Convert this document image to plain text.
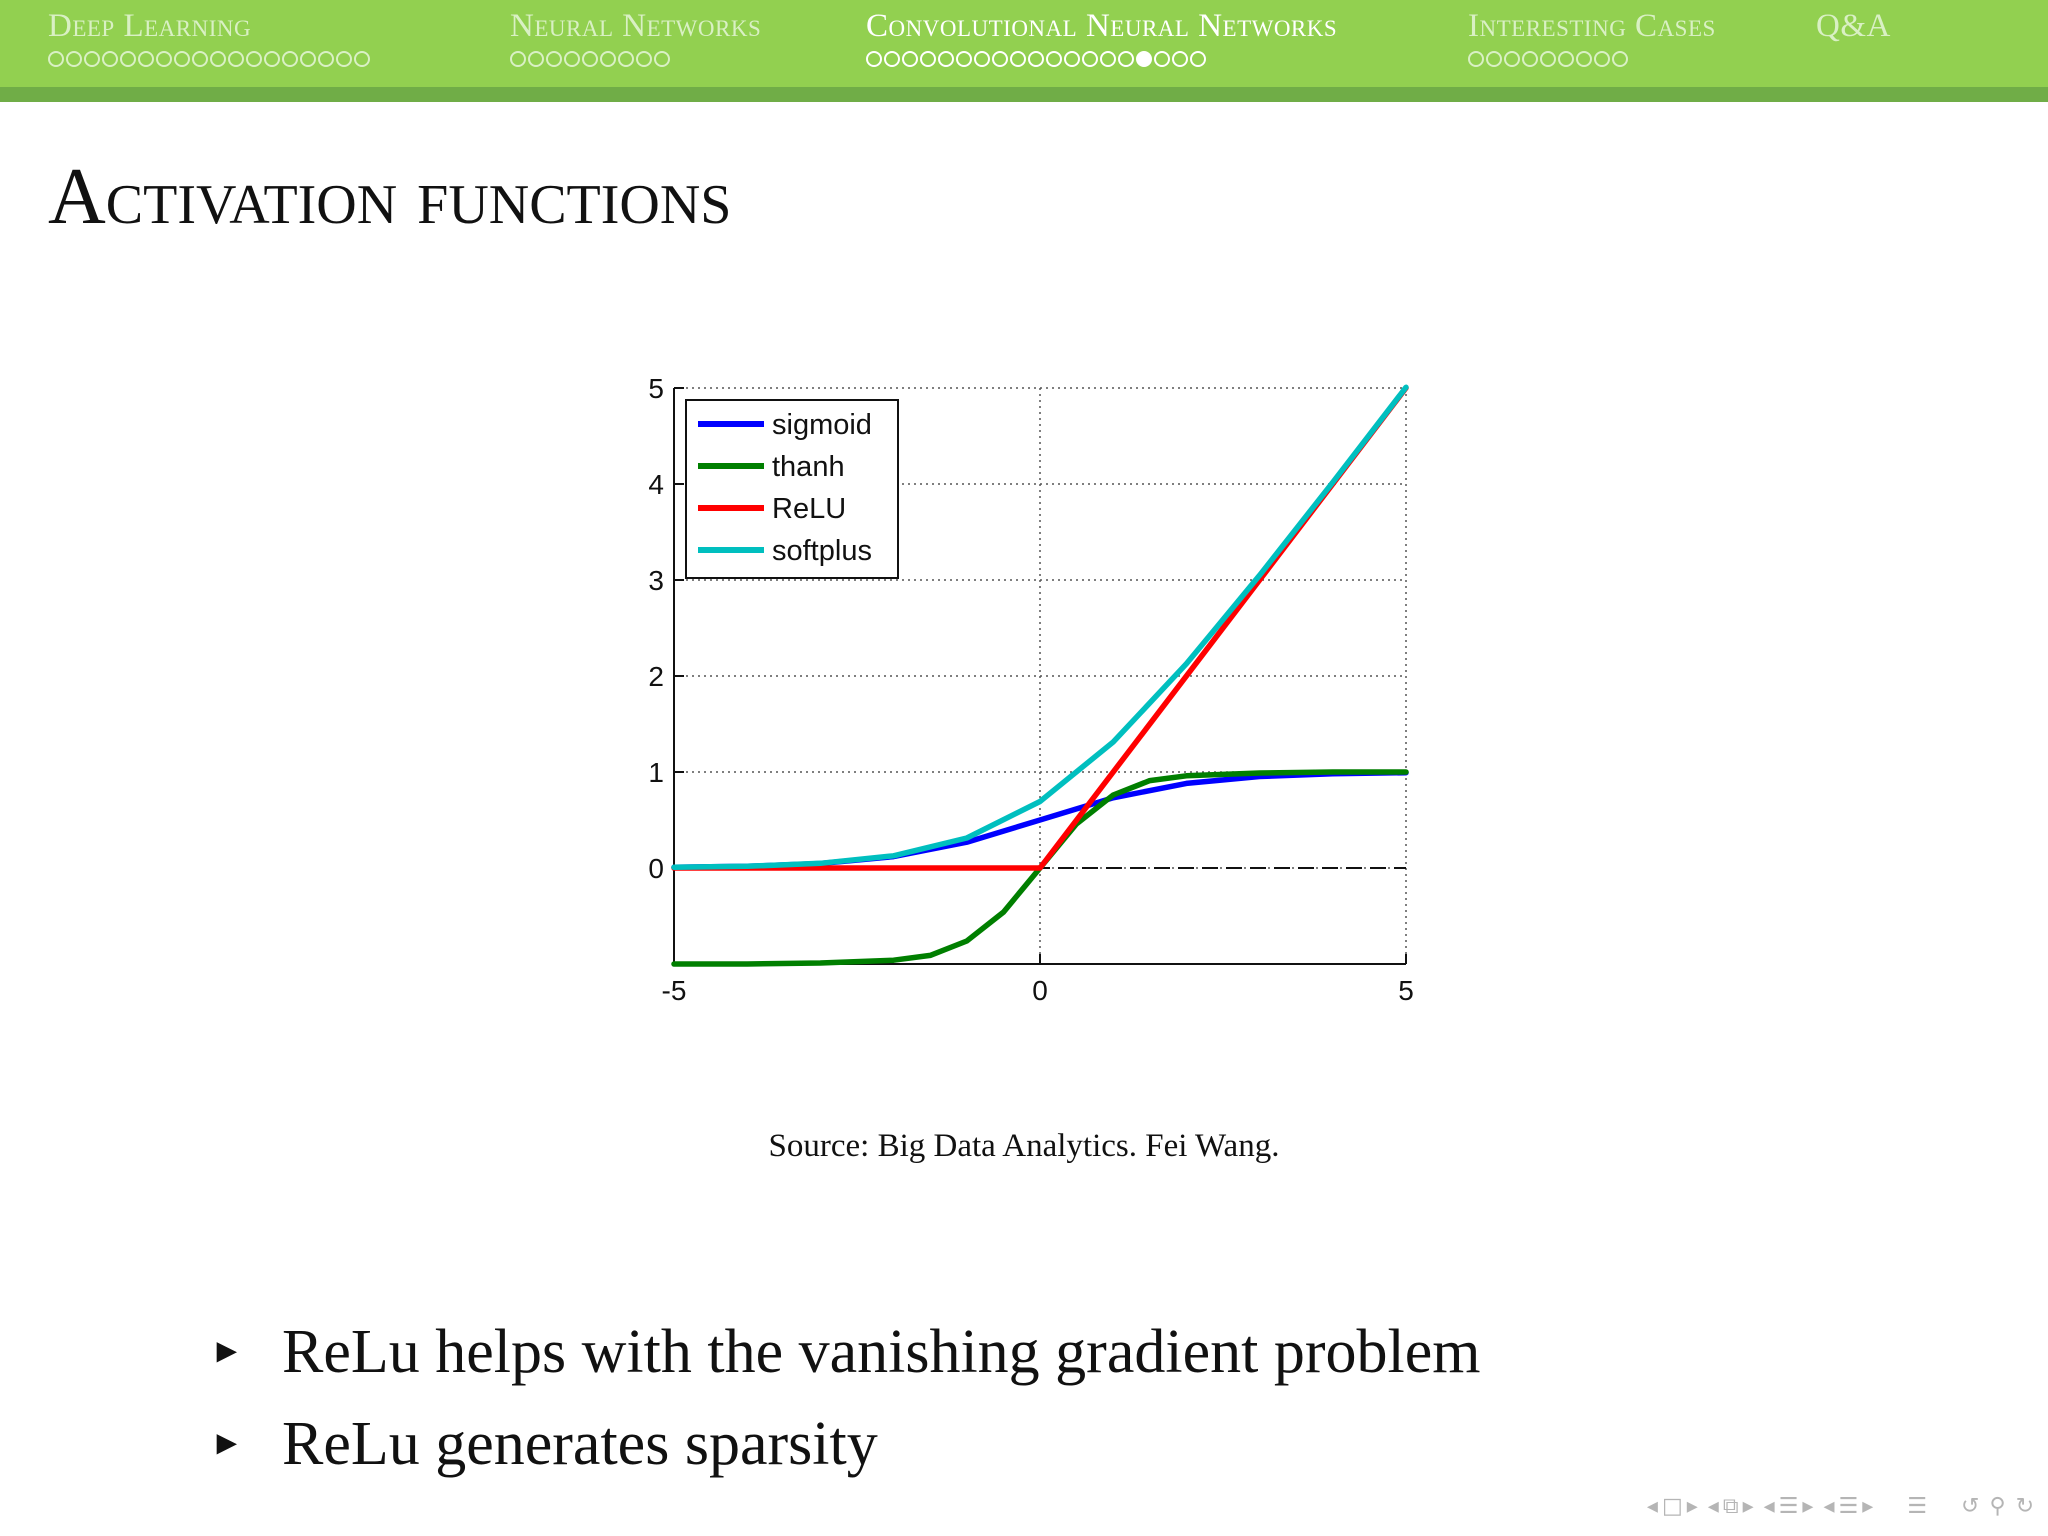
Deep Learning	Neural Networks	Convolutional Neural Networks	Interesting Cases	Q&A
Activation functions
-5	0	5
0
1
2
3
4
5
sigmoid
thanh
ReLU
softplus
Source: Big Data Analytics. Fei Wang.
► ReLu helps with the vanishing gradient problem
► ReLu generates sparsity
◂ □ ▸ ◂ ⧉ ▸ ◂ ☰ ▸ ◂ ☰ ▸ ☰ ↺ ⚲ ↻
